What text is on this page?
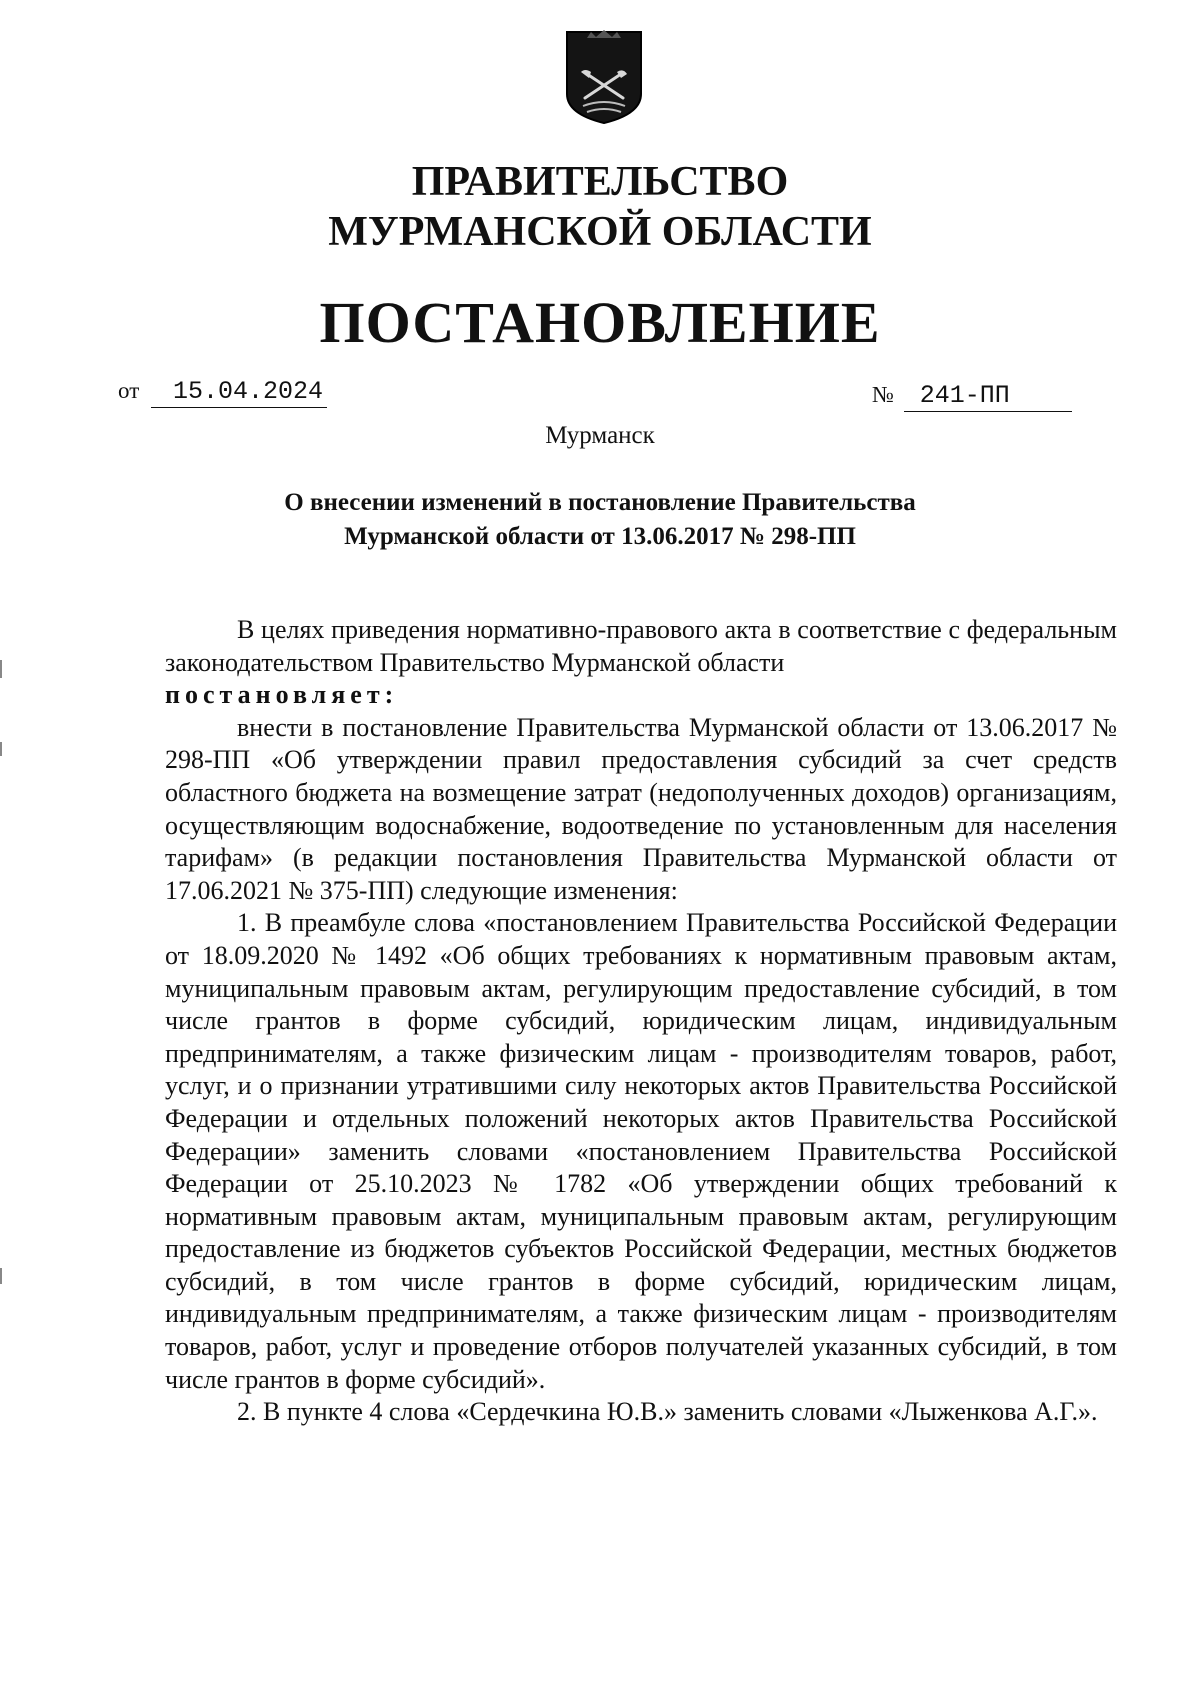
ПРАВИТЕЛЬСТВО
МУРМАНСКОЙ ОБЛАСТИ
ПОСТАНОВЛЕНИЕ
от 15.04.2024	№ 241-ПП
Мурманск
О внесении изменений в постановление Правительства
Мурманской области от 13.06.2017 № 298-ПП

В целях приведения нормативно-правового акта в соответствие с федеральным законодательством Правительство Мурманской области

постановляет:

внести в постановление Правительства Мурманской области от 13.06.2017 № 298-ПП «Об утверждении правил предоставления субсидий за счет средств областного бюджета на возмещение затрат (недополученных доходов) организациям, осуществляющим водоснабжение, водоотведение по установленным для населения тарифам» (в редакции постановления Правительства Мурманской области от 17.06.2021 № 375-ПП) следующие изменения:

1. В преамбуле слова «постановлением Правительства Российской Федерации от 18.09.2020 № 1492 «Об общих требованиях к нормативным правовым актам, муниципальным правовым актам, регулирующим предоставление субсидий, в том числе грантов в форме субсидий, юридическим лицам, индивидуальным предпринимателям, а также физическим лицам - производителям товаров, работ, услуг, и о признании утратившими силу некоторых актов Правительства Российской Федерации и отдельных положений некоторых актов Правительства Российской Федерации» заменить словами «постановлением Правительства Российской Федерации от 25.10.2023 № 1782 «Об утверждении общих требований к нормативным правовым актам, муниципальным правовым актам, регулирующим предоставление из бюджетов субъектов Российской Федерации, местных бюджетов субсидий, в том числе грантов в форме субсидий, юридическим лицам, индивидуальным предпринимателям, а также физическим лицам - производителям товаров, работ, услуг и проведение отборов получателей указанных субсидий, в том числе грантов в форме субсидий».

2. В пункте 4 слова «Сердечкина Ю.В.» заменить словами «Лыженкова А.Г.».
